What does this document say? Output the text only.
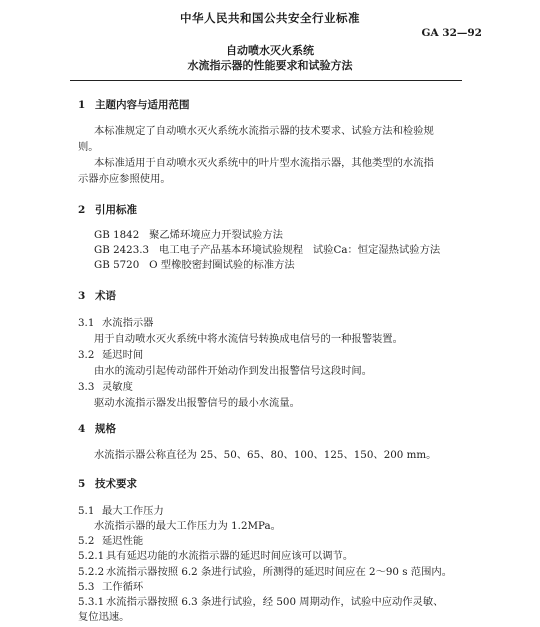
中华人民共和国公共安全行业标准
GA 32—92
自动喷水灭火系统
水流指示器的性能要求和试验方法
1 主题内容与适用范围
本标准规定了自动喷水灭火系统水流指示器的技术要求、试验方法和检验规
则。
本标准适用于自动喷水灭火系统中的叶片型水流指示器，其他类型的水流指
示器亦应参照使用。
2 引用标准
GB 1842   聚乙烯环境应力开裂试验方法
GB 2423.3   电工电子产品基本环境试验规程   试验Ca：恒定湿热试验方法
GB 5720   O 型橡胶密封圈试验的标准方法
3 术语
3.1 水流指示器
用于自动喷水灭火系统中将水流信号转换成电信号的一种报警装置。
3.2 延迟时间
由水的流动引起传动部件开始动作到发出报警信号这段时间。
3.3 灵敏度
驱动水流指示器发出报警信号的最小水流量。
4 规格
水流指示器公称直径为 25、50、65、80、100、125、150、200 mm。
5 技术要求
5.1 最大工作压力
水流指示器的最大工作压力为 1.2MPa。
5.2 延迟性能
5.2.1 具有延迟功能的水流指示器的延迟时间应该可以调节。
5.2.2 水流指示器按照 6.2 条进行试验，所测得的延迟时间应在 2～90 s 范围内。
5.3 工作循环
5.3.1 水流指示器按照 6.3 条进行试验，经 500 周期动作，试验中应动作灵敏、
复位迅速。
